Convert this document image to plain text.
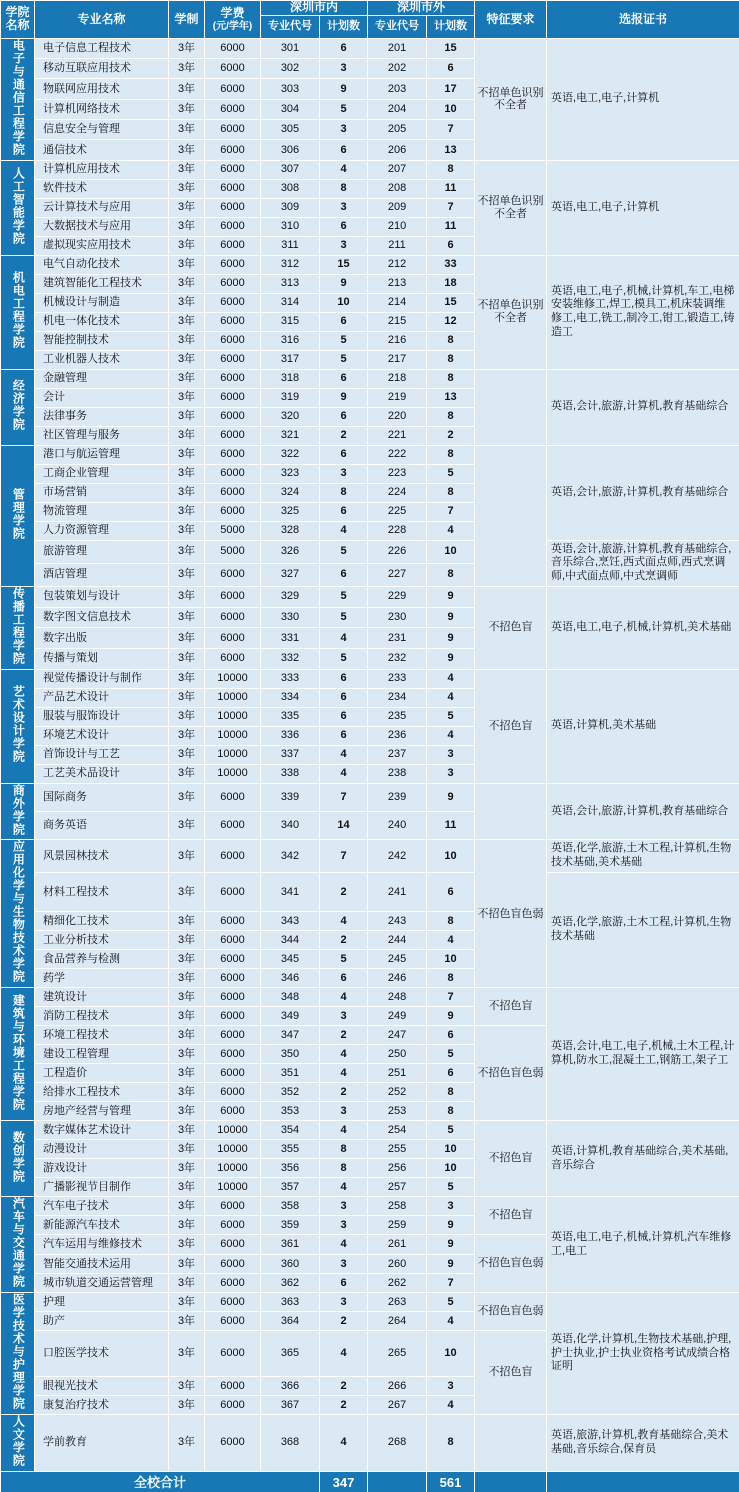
学院名称	专业名称	学制	学费
(元/学年)	深圳市内		深圳市外		特征要求	选报证书
				专业代号	计划数	专业代号	计划数		
电子与通信工程学院	电子信息工程技术	3年	6000	301	6	201	15	不招单色识别不全者	英语,电工,电子,计算机
	移动互联应用技术	3年	6000	302	3	202	6		
	物联网应用技术	3年	6000	303	9	203	17		
	计算机网络技术	3年	6000	304	5	204	10		
	信息安全与管理	3年	6000	305	3	205	7		
	通信技术	3年	6000	306	6	206	13		
人工智能学院	计算机应用技术	3年	6000	307	4	207	8	不招单色识别不全者	英语,电工,电子,计算机
	软件技术	3年	6000	308	8	208	11		
	云计算技术与应用	3年	6000	309	3	209	7		
	大数据技术与应用	3年	6000	310	6	210	11		
	虚拟现实应用技术	3年	6000	311	3	211	6		
机电工程学院	电气自动化技术	3年	6000	312	15	212	33	不招单色识别不全者	英语,电工,电子,机械,计算机,车工,电梯安装维修工,焊工,模具工,机床装调维修工,电工,铣工,制冷工,钳工,锻造工,铸造工
	建筑智能化工程技术	3年	6000	313	9	213	18		
	机械设计与制造	3年	6000	314	10	214	15		
	机电一体化技术	3年	6000	315	6	215	12		
	智能控制技术	3年	6000	316	5	216	8		
	工业机器人技术	3年	6000	317	5	217	8		
经济学院	金融管理	3年	6000	318	6	218	8		英语,会计,旅游,计算机,教育基础综合
	会计	3年	6000	319	9	219	13		
	法律事务	3年	6000	320	6	220	8		
	社区管理与服务	3年	6000	321	2	221	2		
管理学院	港口与航运管理	3年	6000	322	6	222	8		英语,会计,旅游,计算机,教育基础综合
	工商企业管理	3年	6000	323	3	223	5		
	市场营销	3年	6000	324	8	224	8		
	物流管理	3年	6000	325	6	225	7		
	人力资源管理	3年	5000	328	4	228	4		
	旅游管理	3年	5000	326	5	226	10		英语,会计,旅游,计算机,教育基础综合,音乐综合,烹饪,西式面点师,西式烹调师,中式面点师,中式烹调师
	酒店管理	3年	6000	327	6	227	8		
传播工程学院	包装策划与设计	3年	6000	329	5	229	9	不招色盲	英语,电工,电子,机械,计算机,美术基础
	数字图文信息技术	3年	6000	330	5	230	9		
	数字出版	3年	6000	331	4	231	9		
	传播与策划	3年	6000	332	5	232	9		
艺术设计学院	视觉传播设计与制作	3年	10000	333	6	233	4	不招色盲	英语,计算机,美术基础
	产品艺术设计	3年	10000	334	6	234	4		
	服装与服饰设计	3年	10000	335	6	235	5		
	环境艺术设计	3年	10000	336	6	236	4		
	首饰设计与工艺	3年	10000	337	4	237	3		
	工艺美术品设计	3年	10000	338	4	238	3		
商外学院	国际商务	3年	6000	339	7	239	9		英语,会计,旅游,计算机,教育基础综合
	商务英语	3年	6000	340	14	240	11		
应用化学与生物技术学院	风景园林技术	3年	6000	342	7	242	10	不招色盲色弱	英语,化学,旅游,土木工程,计算机,生物技术基础,美术基础
	材料工程技术	3年	6000	341	2	241	6		英语,化学,旅游,土木工程,计算机,生物技术基础
	精细化工技术	3年	6000	343	4	243	8		
	工业分析技术	3年	6000	344	2	244	4		
	食品营养与检测	3年	6000	345	5	245	10		
	药学	3年	6000	346	6	246	8		
建筑与环境工程学院	建筑设计	3年	6000	348	4	248	7	不招色盲	英语,会计,电工,电子,机械,土木工程,计算机,防水工,混凝土工,钢筋工,架子工
	消防工程技术	3年	6000	349	3	249	9		
	环境工程技术	3年	6000	347	2	247	6	不招色盲色弱	
	建设工程管理	3年	6000	350	4	250	5		
	工程造价	3年	6000	351	4	251	6		
	给排水工程技术	3年	6000	352	2	252	8		
	房地产经营与管理	3年	6000	353	3	253	8		
数创学院	数字媒体艺术设计	3年	10000	354	4	254	5	不招色盲	英语,计算机,教育基础综合,美术基础,音乐综合
	动漫设计	3年	10000	355	8	255	10		
	游戏设计	3年	10000	356	8	256	10		
	广播影视节目制作	3年	10000	357	4	257	5		
汽车与交通学院	汽车电子技术	3年	6000	358	3	258	3	不招色盲	英语,电工,电子,机械,计算机,汽车维修工,电工
	新能源汽车技术	3年	6000	359	3	259	9		
	汽车运用与维修技术	3年	6000	361	4	261	9	不招色盲色弱	
	智能交通技术运用	3年	6000	360	3	260	9		
	城市轨道交通运营管理	3年	6000	362	6	262	7		
医学技术与护理学院	护理	3年	6000	363	3	263	5	不招色盲色弱	英语,化学,计算机,生物技术基础,护理,护士执业,护士执业资格考试成绩合格证明
	助产	3年	6000	364	2	264	4		
	口腔医学技术	3年	6000	365	4	265	10	不招色盲	
	眼视光技术	3年	6000	366	2	266	3		
	康复治疗技术	3年	6000	367	2	267	4		
人文学院	学前教育	3年	6000	368	4	268	8		英语,旅游,计算机,教育基础综合,美术基础,音乐综合,保育员
全校合计					347		561		
